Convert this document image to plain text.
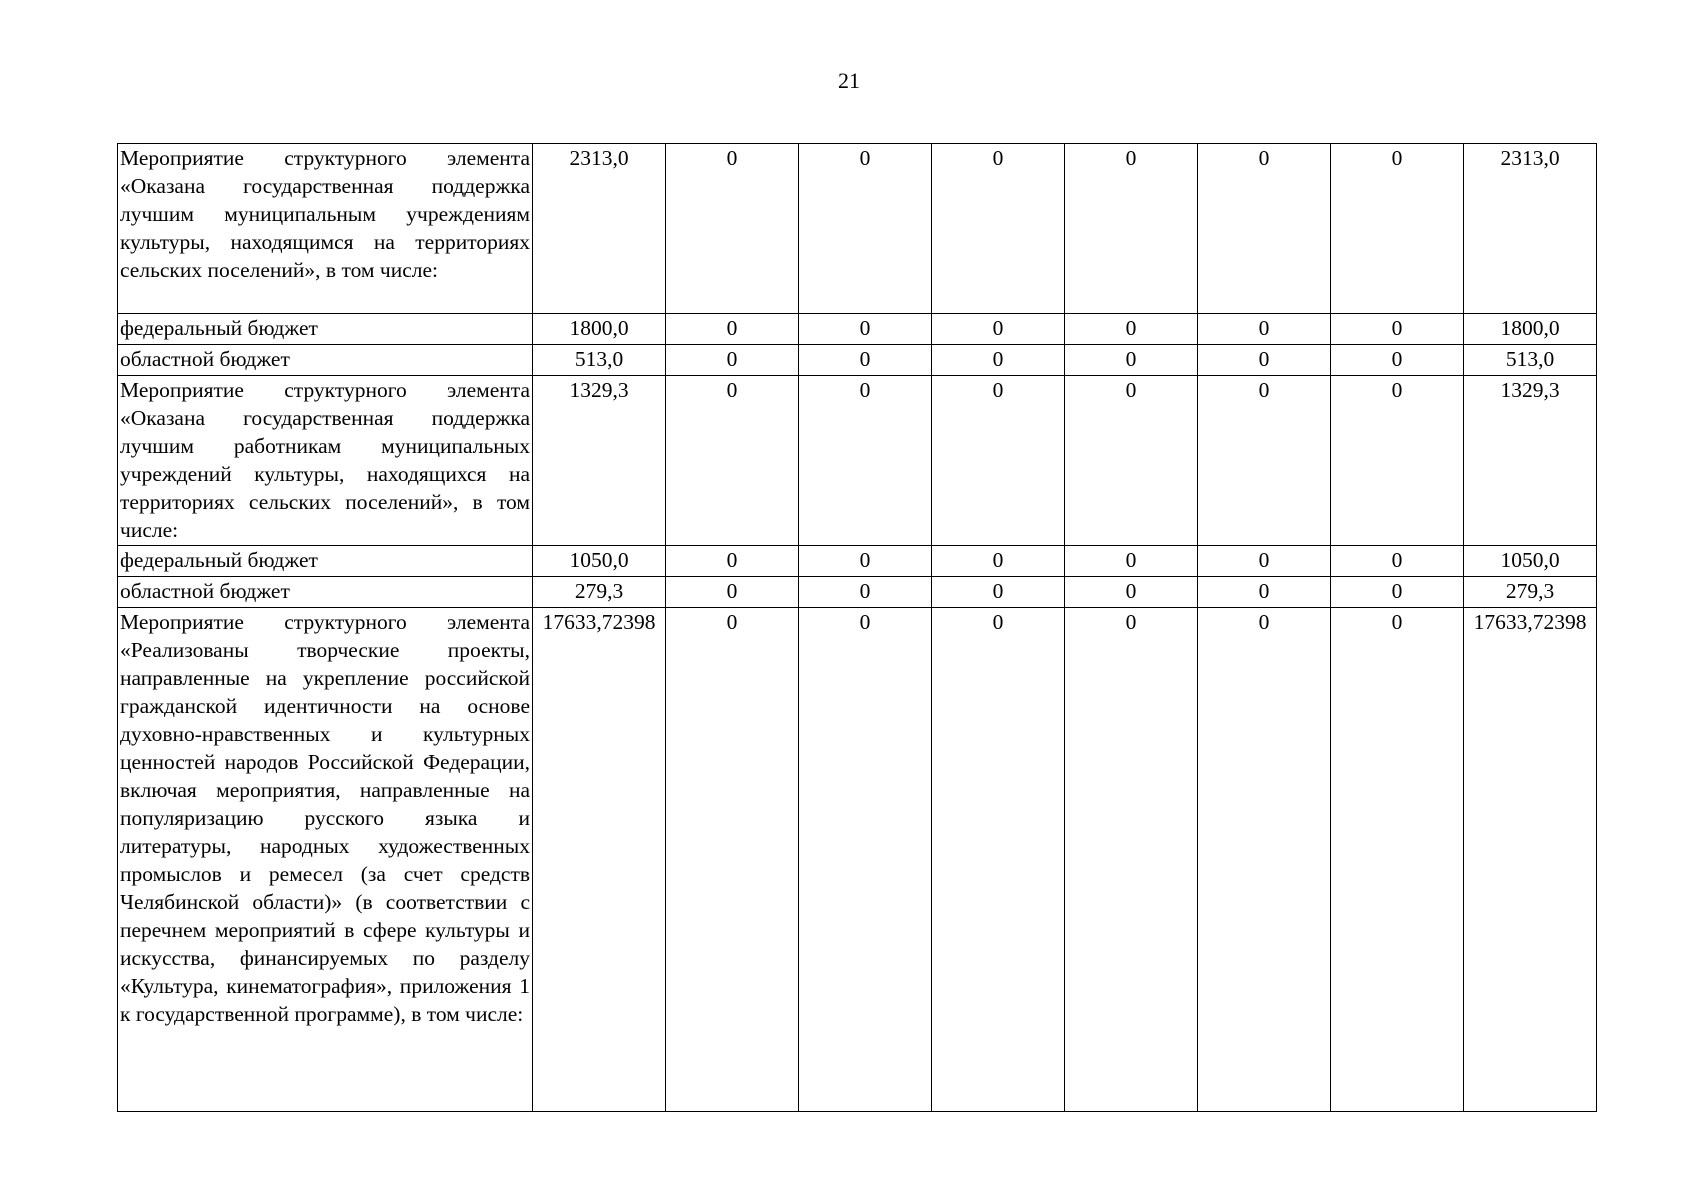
21
Мероприятие структурного элемента «Оказана государственная поддержка лучшим муниципальным учреждениям культуры, находящимся на территориях сельских поселений», в том числе:	2313,0	0	0	0	0	0	0	2313,0
федеральный бюджет	1800,0	0	0	0	0	0	0	1800,0
областной бюджет	513,0	0	0	0	0	0	0	513,0
Мероприятие структурного элемента «Оказана государственная поддержка лучшим работникам муниципальных учреждений культуры, находящихся на территориях сельских поселений», в том числе:	1329,3	0	0	0	0	0	0	1329,3
федеральный бюджет	1050,0	0	0	0	0	0	0	1050,0
областной бюджет	279,3	0	0	0	0	0	0	279,3
Мероприятие структурного элемента «Реализованы творческие проекты, направленные на укрепление российской гражданской идентичности на основе духовно-нравственных и культурных ценностей народов Российской Федерации, включая мероприятия, направленные на популяризацию русского языка и литературы, народных художественных промыслов и ремесел (за счет средств Челябинской области)» (в соответствии с перечнем мероприятий в сфере культуры и искусства, финансируемых по разделу «Культура, кинематография», приложения 1 к государственной программе), в том числе:	17633,72398	0	0	0	0	0	0	17633,72398
